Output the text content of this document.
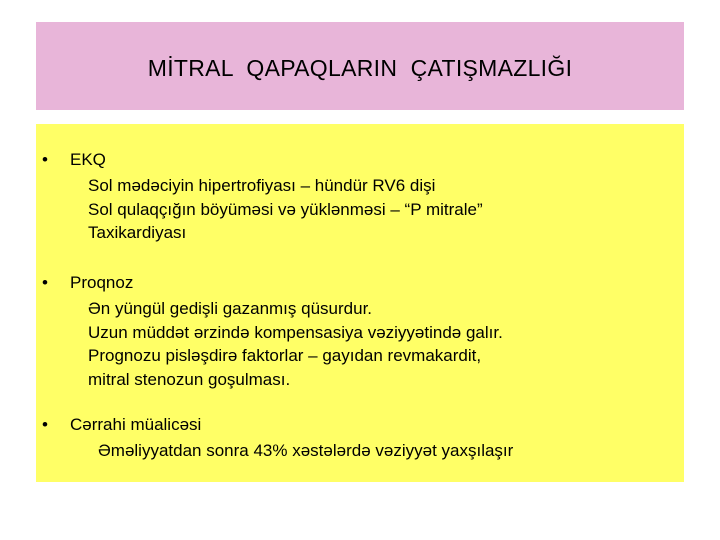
MİTRAL  QAPAQLARIN  ÇATIŞMAZLIĞI
•	EKQ
Sol mədəciyin hipertrofiyası – hündür RV6 dişi
Sol qulaqçığın böyüməsi və yüklənməsi – “P mitrale”
Taxikardiyası
•	Proqnoz
Ən yüngül gedişli gazanmış qüsurdur.
Uzun müddət ərzində kompensasiya vəziyyətində galır.
Prognozu pisləşdirə faktorlar – gayıdan revmakardit,
mitral stenozun goşulması.
•	Cərrahi müalicəsi
Əməliyyatdan sonra 43% xəstələrdə vəziyyət yaxşılaşır
